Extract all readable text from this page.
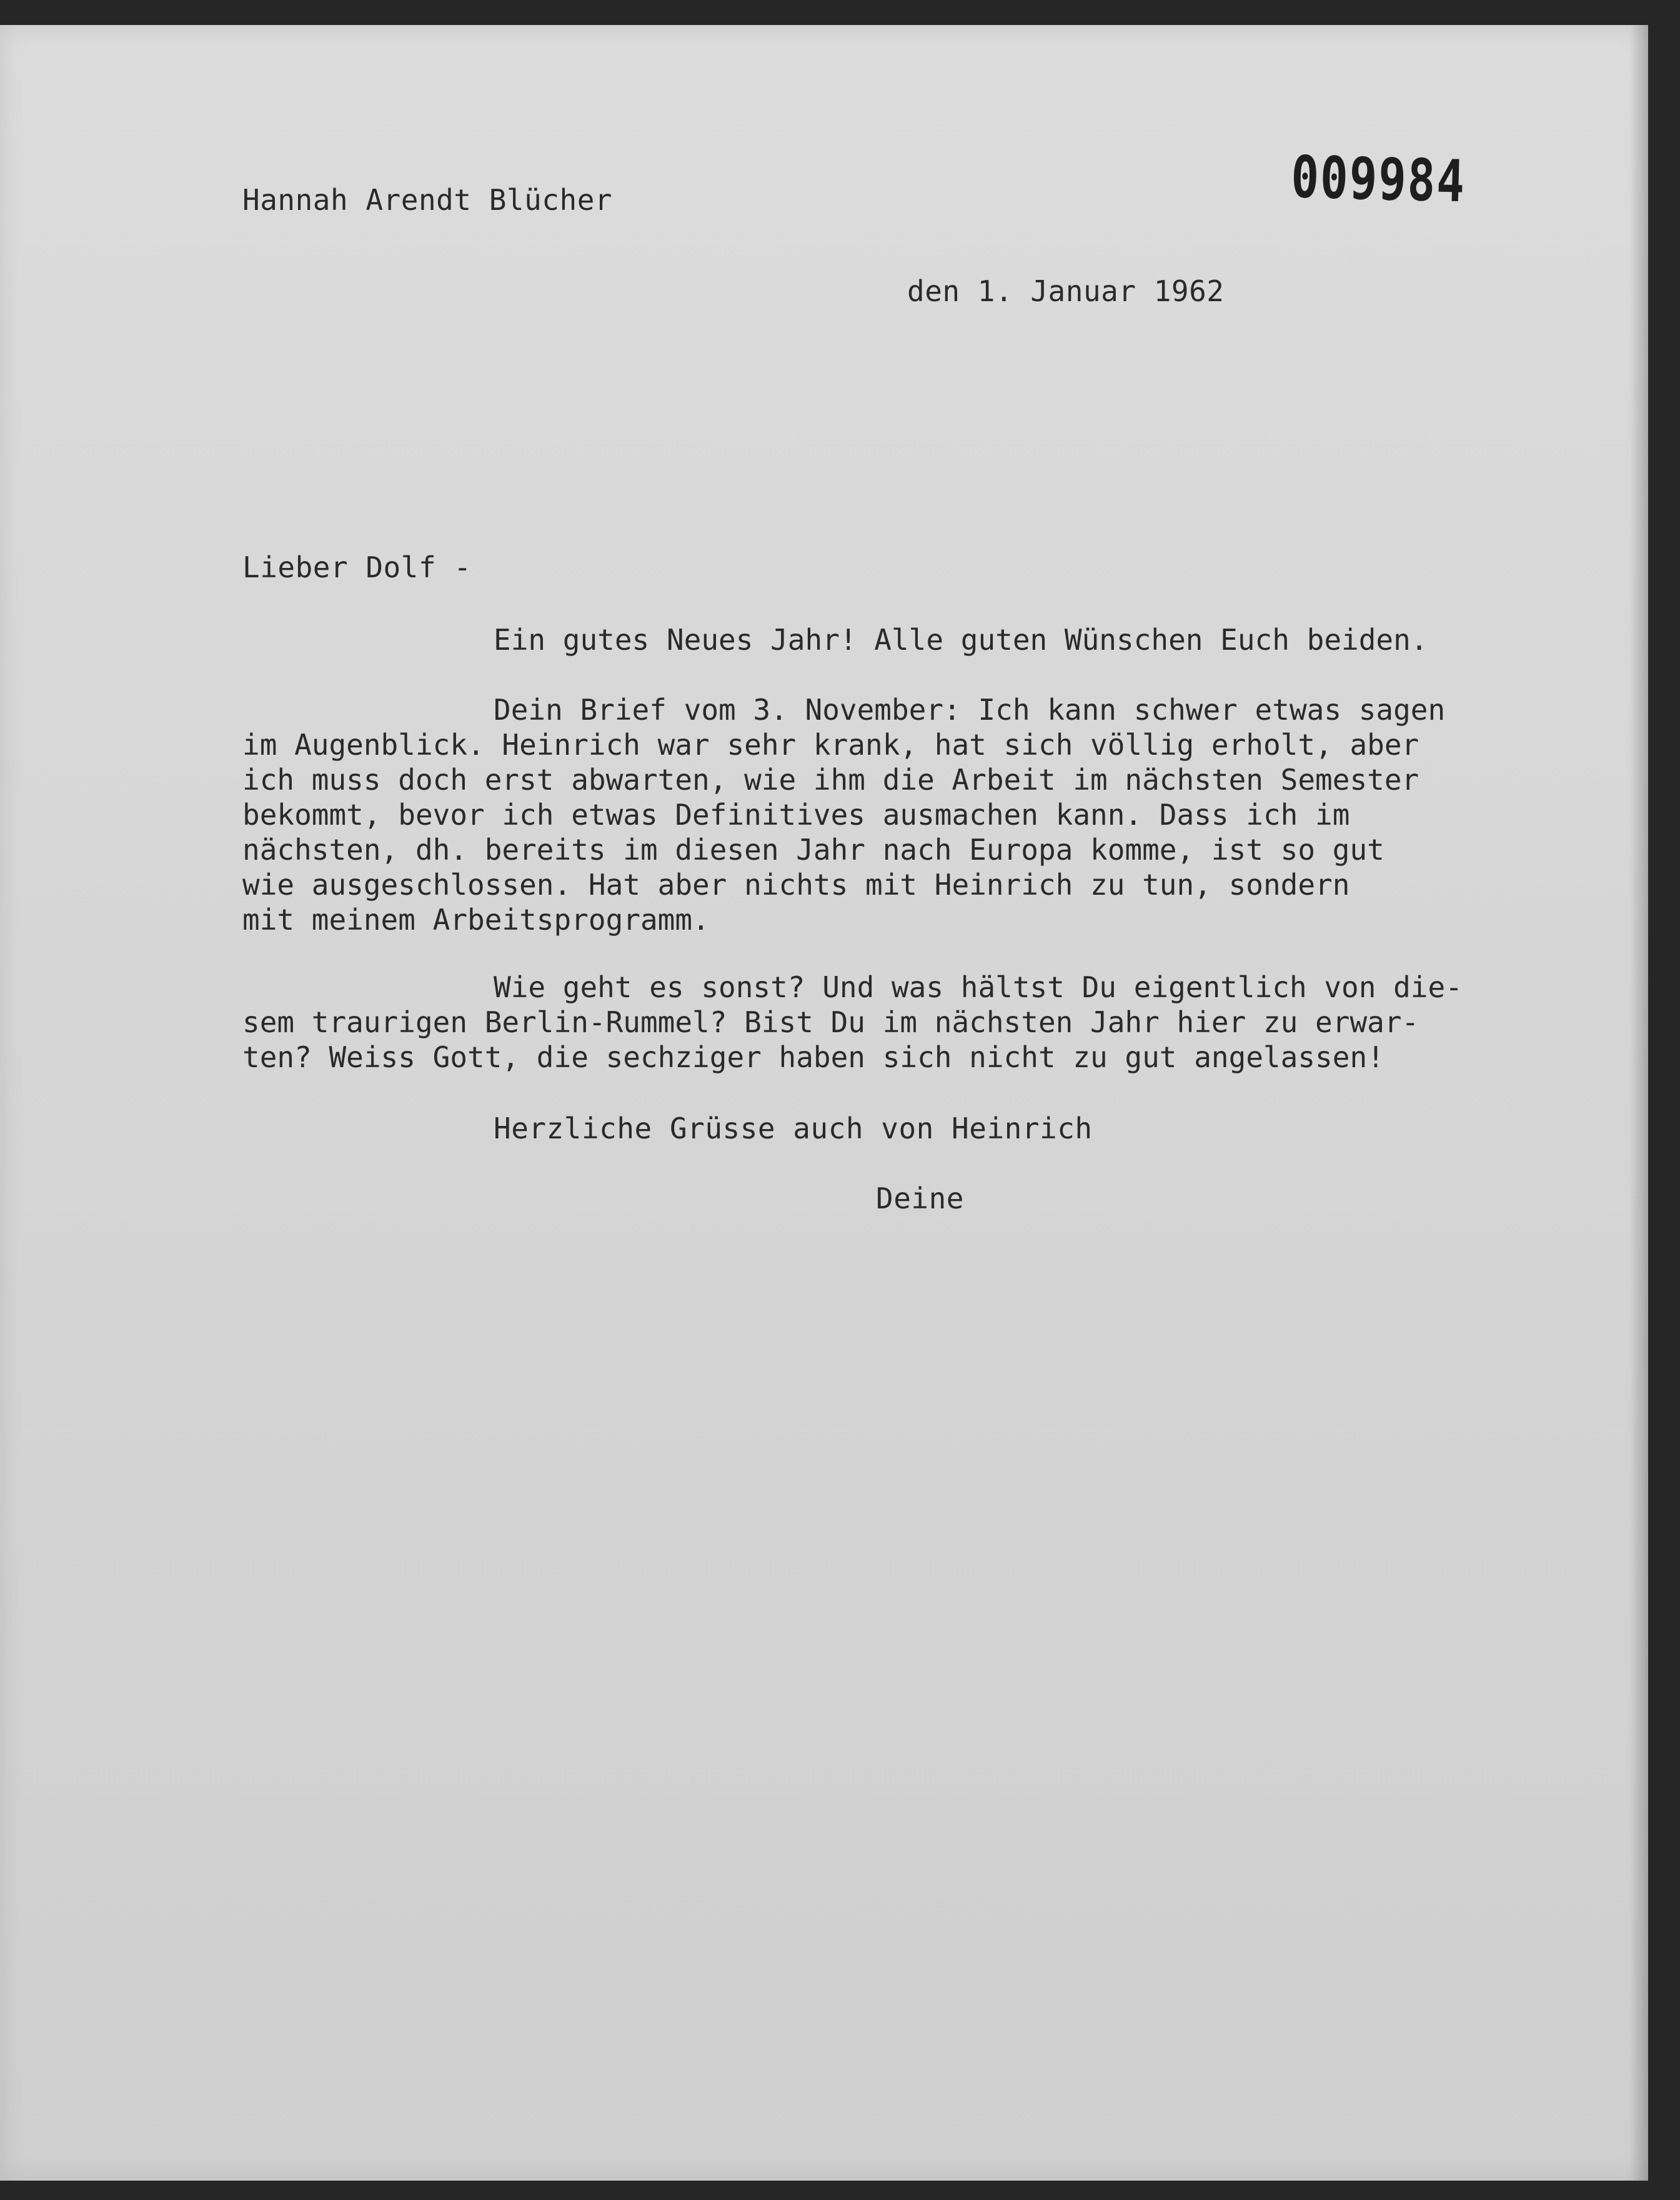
009984
Hannah Arendt Blücher
den 1. Januar 1962
Lieber Dolf -
Ein gutes Neues Jahr! Alle guten Wünschen Euch beiden.
Dein Brief vom 3. November: Ich kann schwer etwas sagen
im Augenblick. Heinrich war sehr krank, hat sich völlig erholt, aber
ich muss doch erst abwarten, wie ihm die Arbeit im nächsten Semester
bekommt, bevor ich etwas Definitives ausmachen kann. Dass ich im
nächsten, dh. bereits im diesen Jahr nach Europa komme, ist so gut
wie ausgeschlossen. Hat aber nichts mit Heinrich zu tun, sondern
mit meinem Arbeitsprogramm.
Wie geht es sonst? Und was hältst Du eigentlich von die-
sem traurigen Berlin-Rummel? Bist Du im nächsten Jahr hier zu erwar-
ten? Weiss Gott, die sechziger haben sich nicht zu gut angelassen!
Herzliche Grüsse auch von Heinrich
Deine
